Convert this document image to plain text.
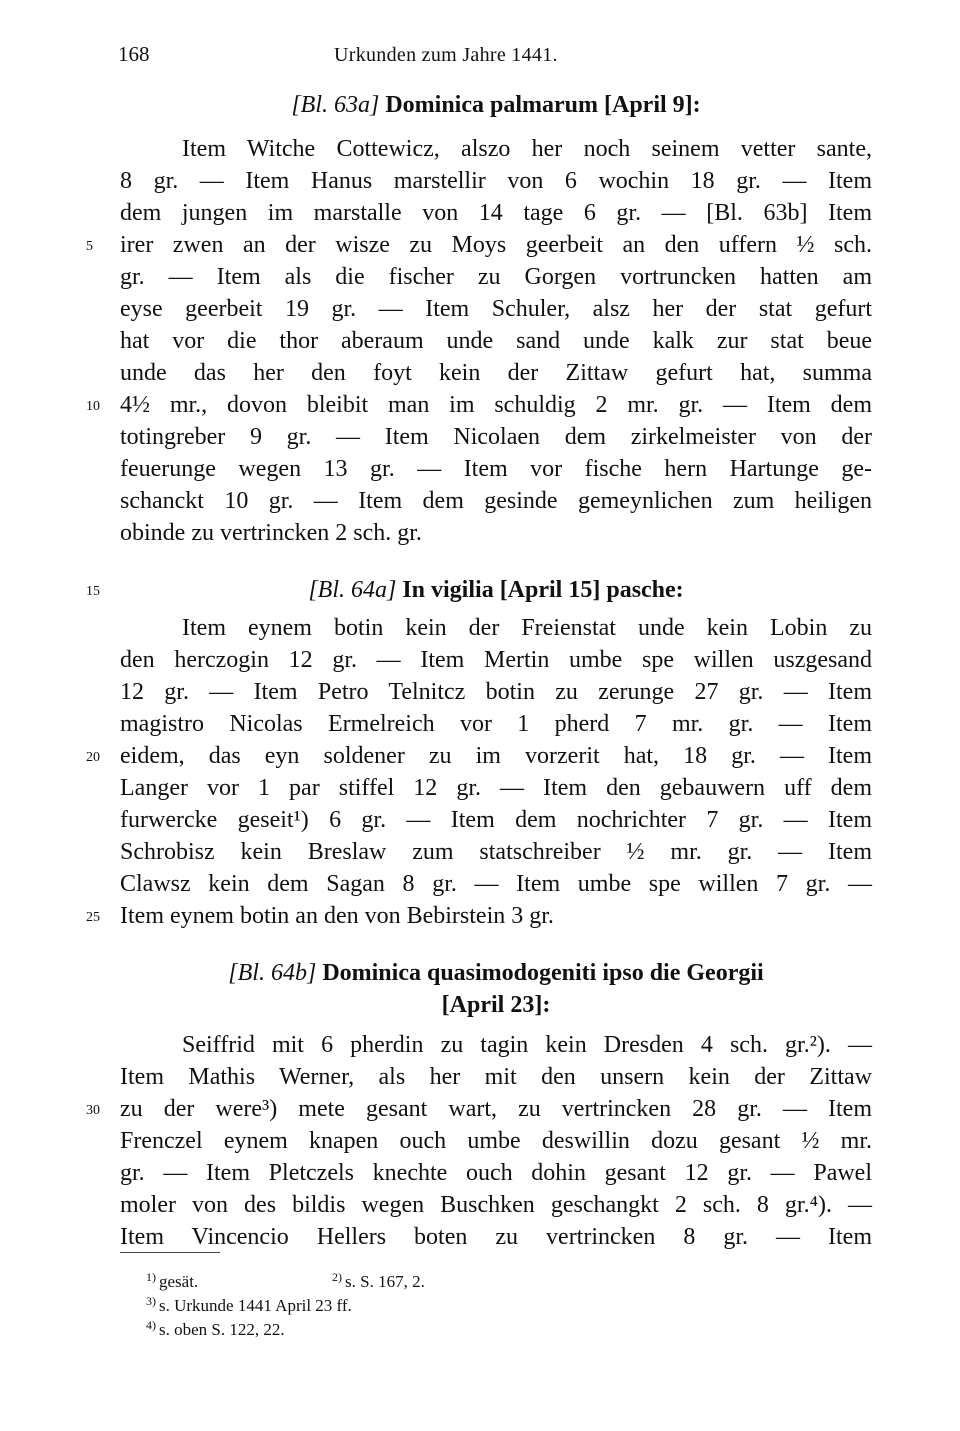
168	Urkunden zum Jahre 1441.
[Bl. 63a] Dominica palmarum [April 9]:
Item Witche Cottewicz, alszo her noch seinem vetter sante,
8 gr. — Item Hanus marstellir von 6 wochin 18 gr. — Item
dem jungen im marstalle von 14 tage 6 gr. — [Bl. 63b] Item
irer zwen an der wisze zu Moys geerbeit an den uffern ½ sch.
gr. — Item als die fischer zu Gorgen vortruncken hatten am
eyse geerbeit 19 gr. — Item Schuler, alsz her der stat gefurt
hat vor die thor aberaum unde sand unde kalk zur stat beue
unde das her den foyt kein der Zittaw gefurt hat, summa
4½ mr., dovon bleibit man im schuldig 2 mr. gr. — Item dem
totingreber 9 gr. — Item Nicolaen dem zirkelmeister von der
feuerunge wegen 13 gr. — Item vor fische hern Hartunge ge-
schanckt 10 gr. — Item dem gesinde gemeynlichen zum heiligen
obinde zu vertrincken 2 sch. gr.
[Bl. 64a] In vigilia [April 15] pasche:
Item eynem botin kein der Freienstat unde kein Lobin zu
den herczogin 12 gr. — Item Mertin umbe spe willen uszgesand
12 gr. — Item Petro Telnitcz botin zu zerunge 27 gr. — Item
magistro Nicolas Ermelreich vor 1 pherd 7 mr. gr. — Item
eidem, das eyn soldener zu im vorzerit hat, 18 gr. — Item
Langer vor 1 par stiffel 12 gr. — Item den gebauwern uff dem
furwercke geseit¹) 6 gr. — Item dem nochrichter 7 gr. — Item
Schrobisz kein Breslaw zum statschreiber ½ mr. gr. — Item
Clawsz kein dem Sagan 8 gr. — Item umbe spe willen 7 gr. —
Item eynem botin an den von Bebirstein 3 gr.
[Bl. 64b] Dominica quasimodogeniti ipso die Georgii
[April 23]:
Seiffrid mit 6 pherdin zu tagin kein Dresden 4 sch. gr.²). —
Item Mathis Werner, als her mit den unsern kein der Zittaw
zu der were³) mete gesant wart, zu vertrincken 28 gr. — Item
Frenczel eynem knapen ouch umbe deswillin dozu gesant ½ mr.
gr. — Item Pletczels knechte ouch dohin gesant 12 gr. — Pawel
moler von des bildis wegen Buschken geschangkt 2 sch. 8 gr.⁴). —
Item Vincencio Hellers boten zu vertrincken 8 gr. — Item
5
10
15
20
25
30
$^{1)}$ gesät.	$^{2)}$ s. S. 167, 2.
$^{3)}$ s. Urkunde 1441 April 23 ff.
$^{4)}$ s. oben S. 122, 22.
